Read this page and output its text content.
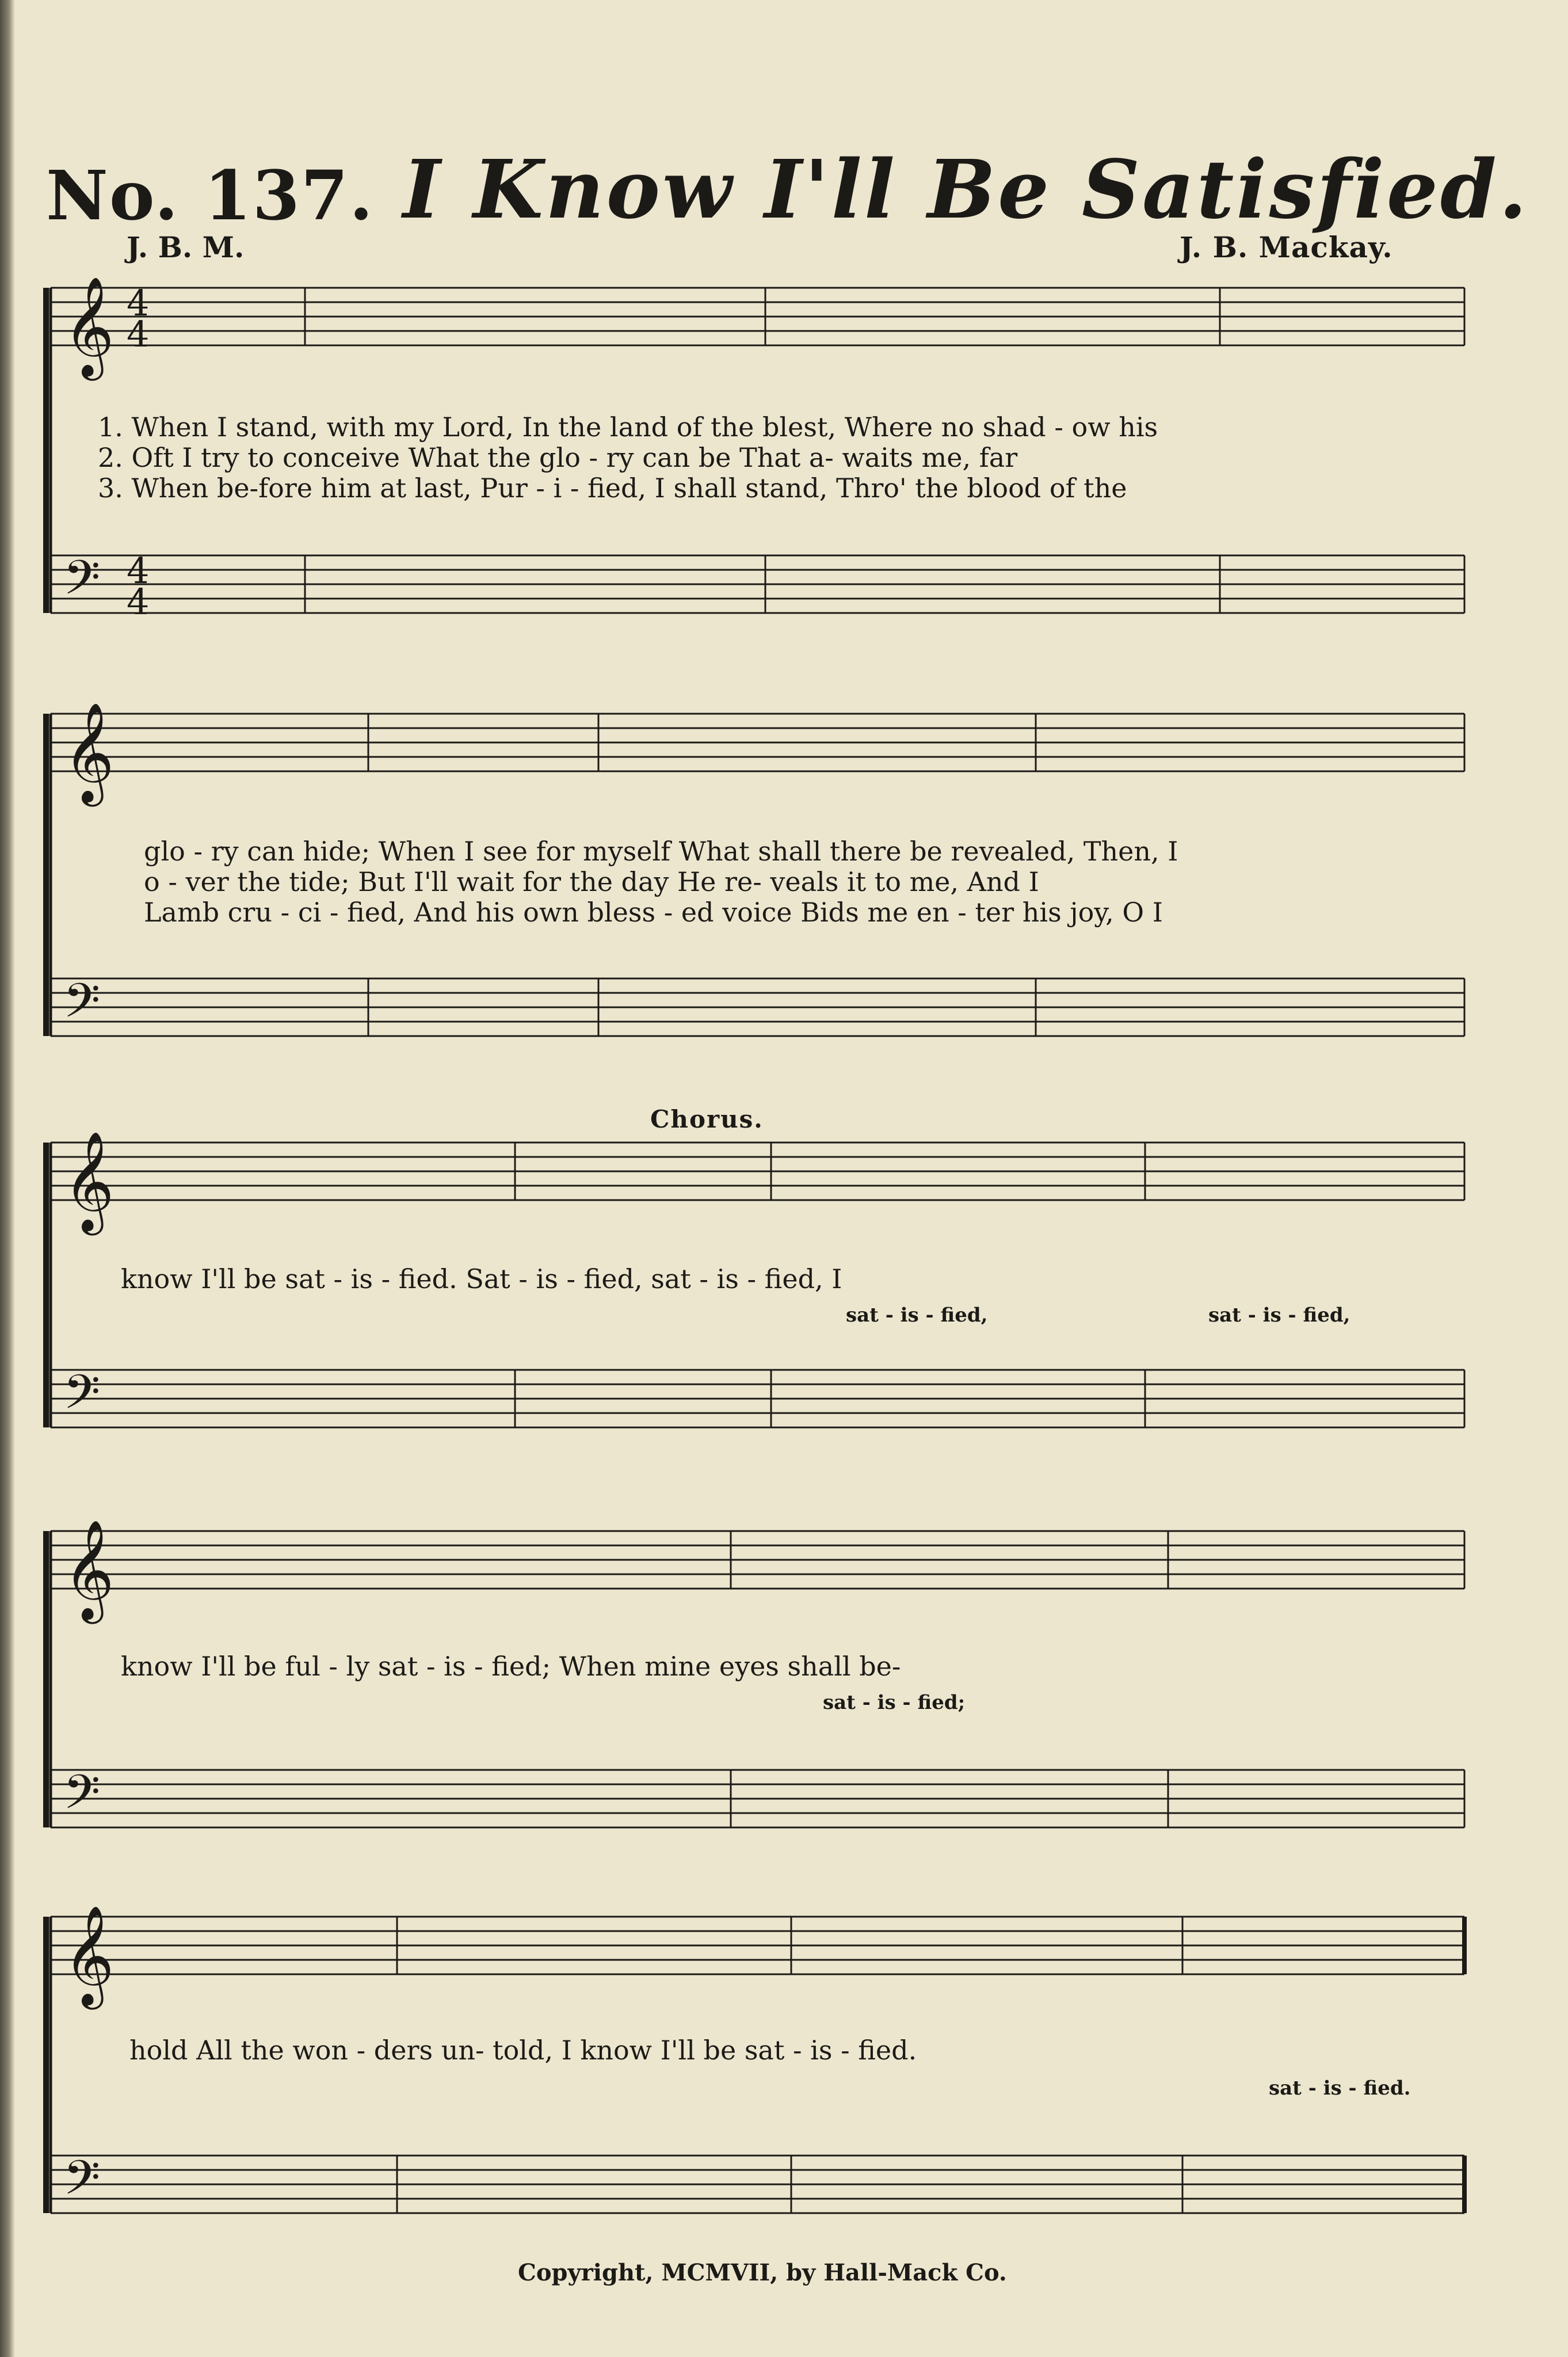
No. 137. I Know I'll Be Satisfied.
J. B. M.	J. B. Mackay.
𝄞 4
4
𝄢 4
4
𝄞
𝄢
𝄞
𝄢
𝄞
𝄢
𝄞
𝄢
1. When I stand, with my Lord, In the land of the blest, Where no shad - ow his
2. Oft I try to conceive What the glo - ry can be That a- waits me, far
3. When be-fore him at last, Pur - i - fied, I shall stand, Thro' the blood of the
glo - ry can hide; When I see for myself What shall there be revealed, Then, I
o - ver the tide; But I'll wait for the day He re- veals it to me, And I
Lamb cru - ci - fied, And his own bless - ed voice Bids me en - ter his joy, O I
Chorus.
know I'll be sat - is - fied. Sat - is - fied, sat - is - fied, I
sat - is - fied,	sat - is - fied,
know I'll be ful - ly sat - is - fied; When mine eyes shall be-
sat - is - fied;
hold All the won - ders un- told, I know I'll be sat - is - fied.
sat - is - fied.
Copyright, MCMVII, by Hall-Mack Co.
